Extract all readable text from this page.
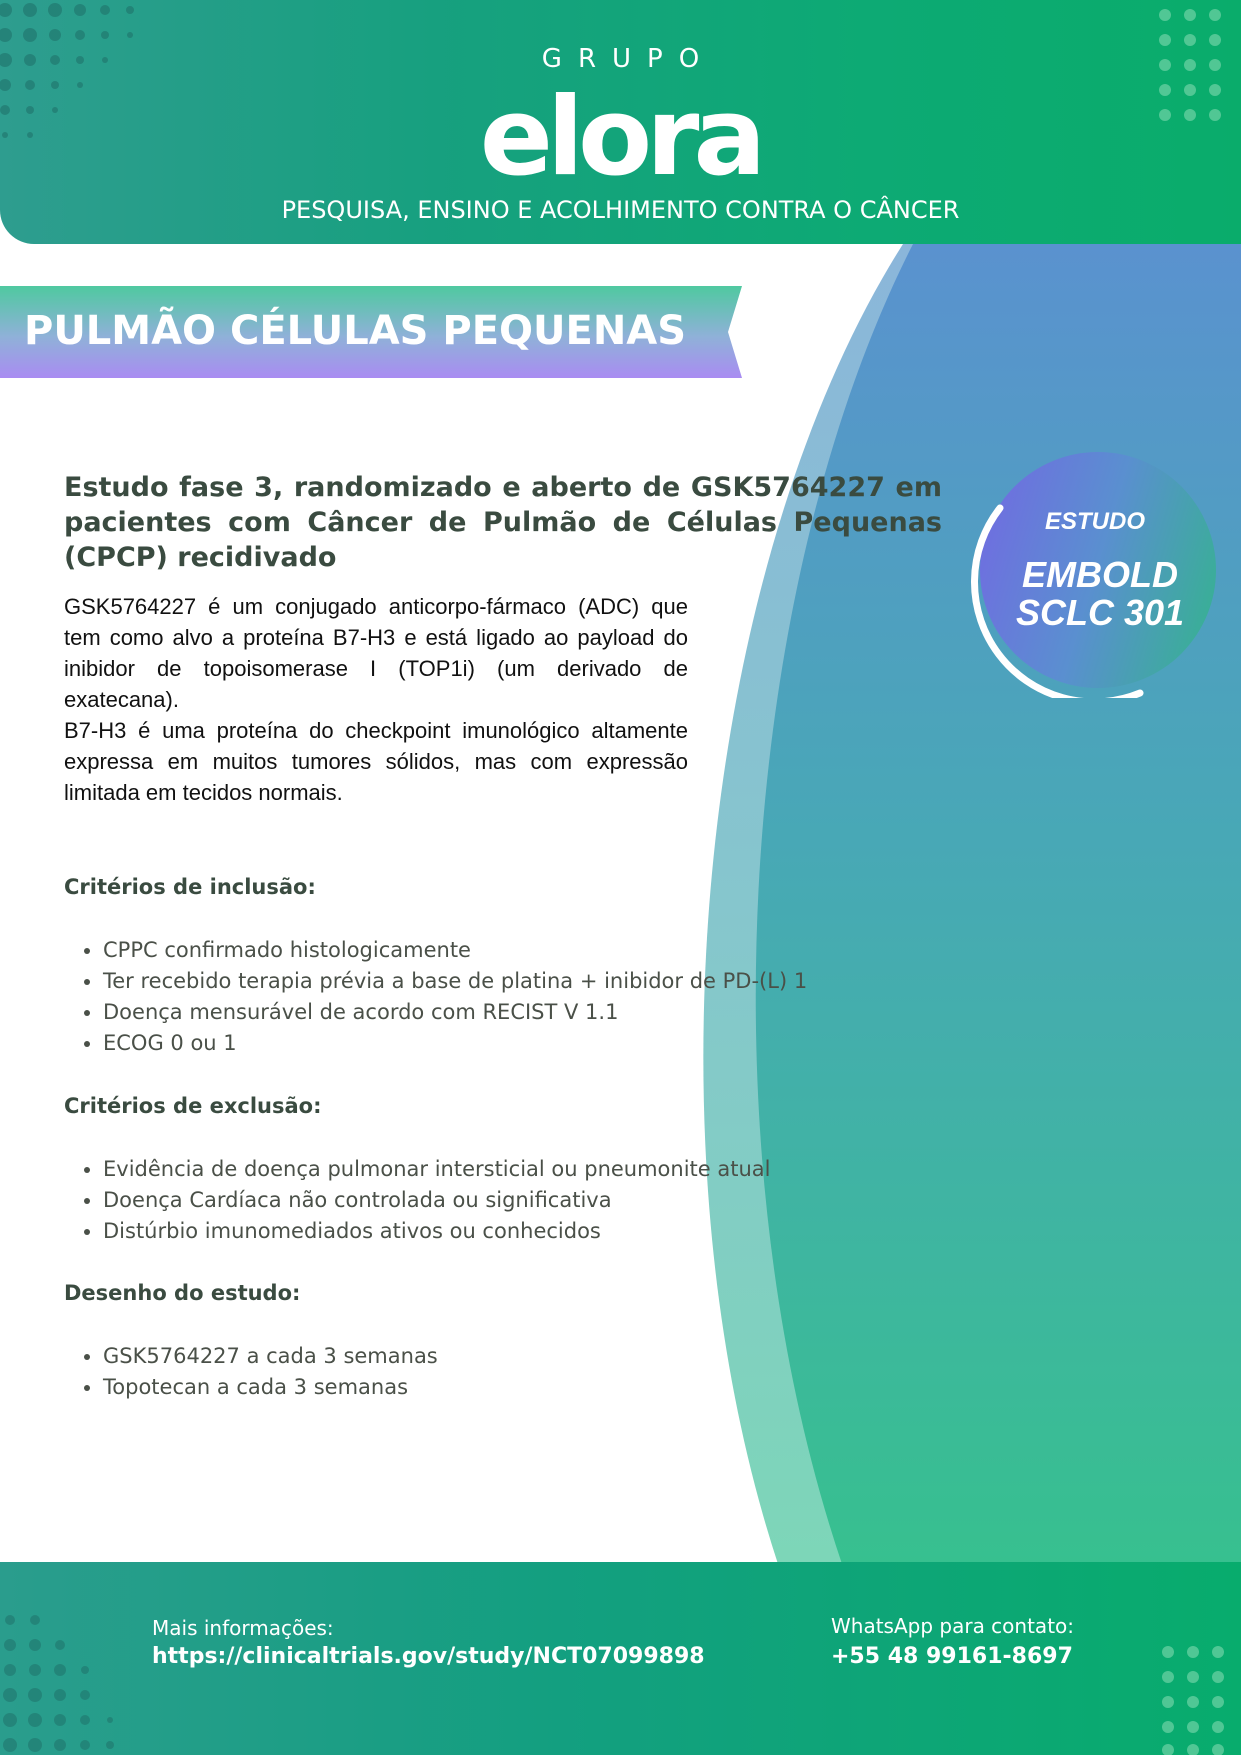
GRUPO
elora
PESQUISA, ENSINO E ACOLHIMENTO CONTRA O CÂNCER
PULMÃO CÉLULAS PEQUENAS
ESTUDO
EMBOLD
SCLC 301
Estudo fase 3, randomizado e aberto de GSK5764227 em pacientes com Câncer de Pulmão de Células Pequenas (CPCP) recidivado

GSK5764227 é um conjugado anticorpo-fármaco (ADC) que tem como alvo a proteína B7-H3 e está ligado ao payload do inibidor de topoisomerase I (TOP1i) (um derivado de exatecana).

B7-H3 é uma proteína do checkpoint imunológico altamente expressa em muitos tumores sólidos, mas com expressão limitada em tecidos normais.

Critérios de inclusão:
• CPPC confirmado histologicamente
• Ter recebido terapia prévia a base de platina + inibidor de PD-(L) 1
• Doença mensurável de acordo com RECIST V 1.1
• ECOG 0 ou 1
Critérios de exclusão:
• Evidência de doença pulmonar intersticial ou pneumonite atual
• Doença Cardíaca não controlada ou significativa
• Distúrbio imunomediados ativos ou conhecidos
Desenho do estudo:
• GSK5764227 a cada 3 semanas
• Topotecan a cada 3 semanas
Mais informações:
https://clinicaltrials.gov/study/NCT07099898
WhatsApp para contato:
+55 48 99161-8697
